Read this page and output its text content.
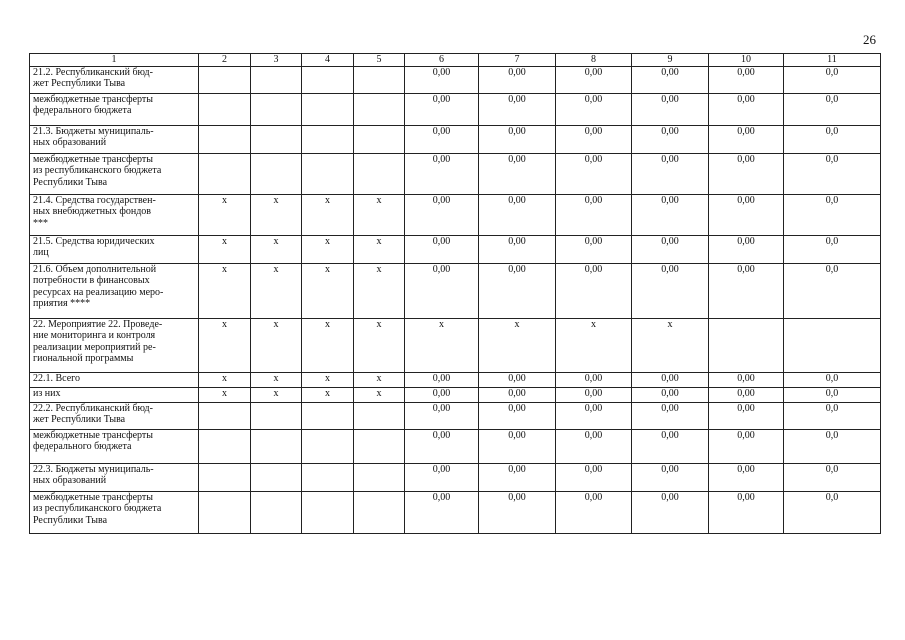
26
1	2	3	4	5	6	7	8	9	10	11
21.2. Республиканский бюд-
жет Республики Тыва					0,00	0,00	0,00	0,00	0,00	0,0
межбюджетные трансферты
федерального бюджета					0,00	0,00	0,00	0,00	0,00	0,0
21.3. Бюджеты муниципаль-
ных образований					0,00	0,00	0,00	0,00	0,00	0,0
межбюджетные трансферты
из республиканского бюджета
Республики Тыва					0,00	0,00	0,00	0,00	0,00	0,0
21.4. Средства государствен-
ных внебюджетных фондов
***	x	x	x	x	0,00	0,00	0,00	0,00	0,00	0,0
21.5. Средства юридических
лиц	x	x	x	x	0,00	0,00	0,00	0,00	0,00	0,0
21.6. Объем дополнительной
потребности в финансовых
ресурсах на реализацию меро-
приятия ****	x	x	x	x	0,00	0,00	0,00	0,00	0,00	0,0
22. Мероприятие 22. Проведе-
ние мониторинга и контроля
реализации мероприятий ре-
гиональной программы	x	x	x	x	x	x	x	x		
22.1. Всего	x	x	x	x	0,00	0,00	0,00	0,00	0,00	0,0
из них	x	x	x	x	0,00	0,00	0,00	0,00	0,00	0,0
22.2. Республиканский бюд-
жет Республики Тыва					0,00	0,00	0,00	0,00	0,00	0,0
межбюджетные трансферты
федерального бюджета					0,00	0,00	0,00	0,00	0,00	0,0
22.3. Бюджеты муниципаль-
ных образований					0,00	0,00	0,00	0,00	0,00	0,0
межбюджетные трансферты
из республиканского бюджета
Республики Тыва					0,00	0,00	0,00	0,00	0,00	0,0
